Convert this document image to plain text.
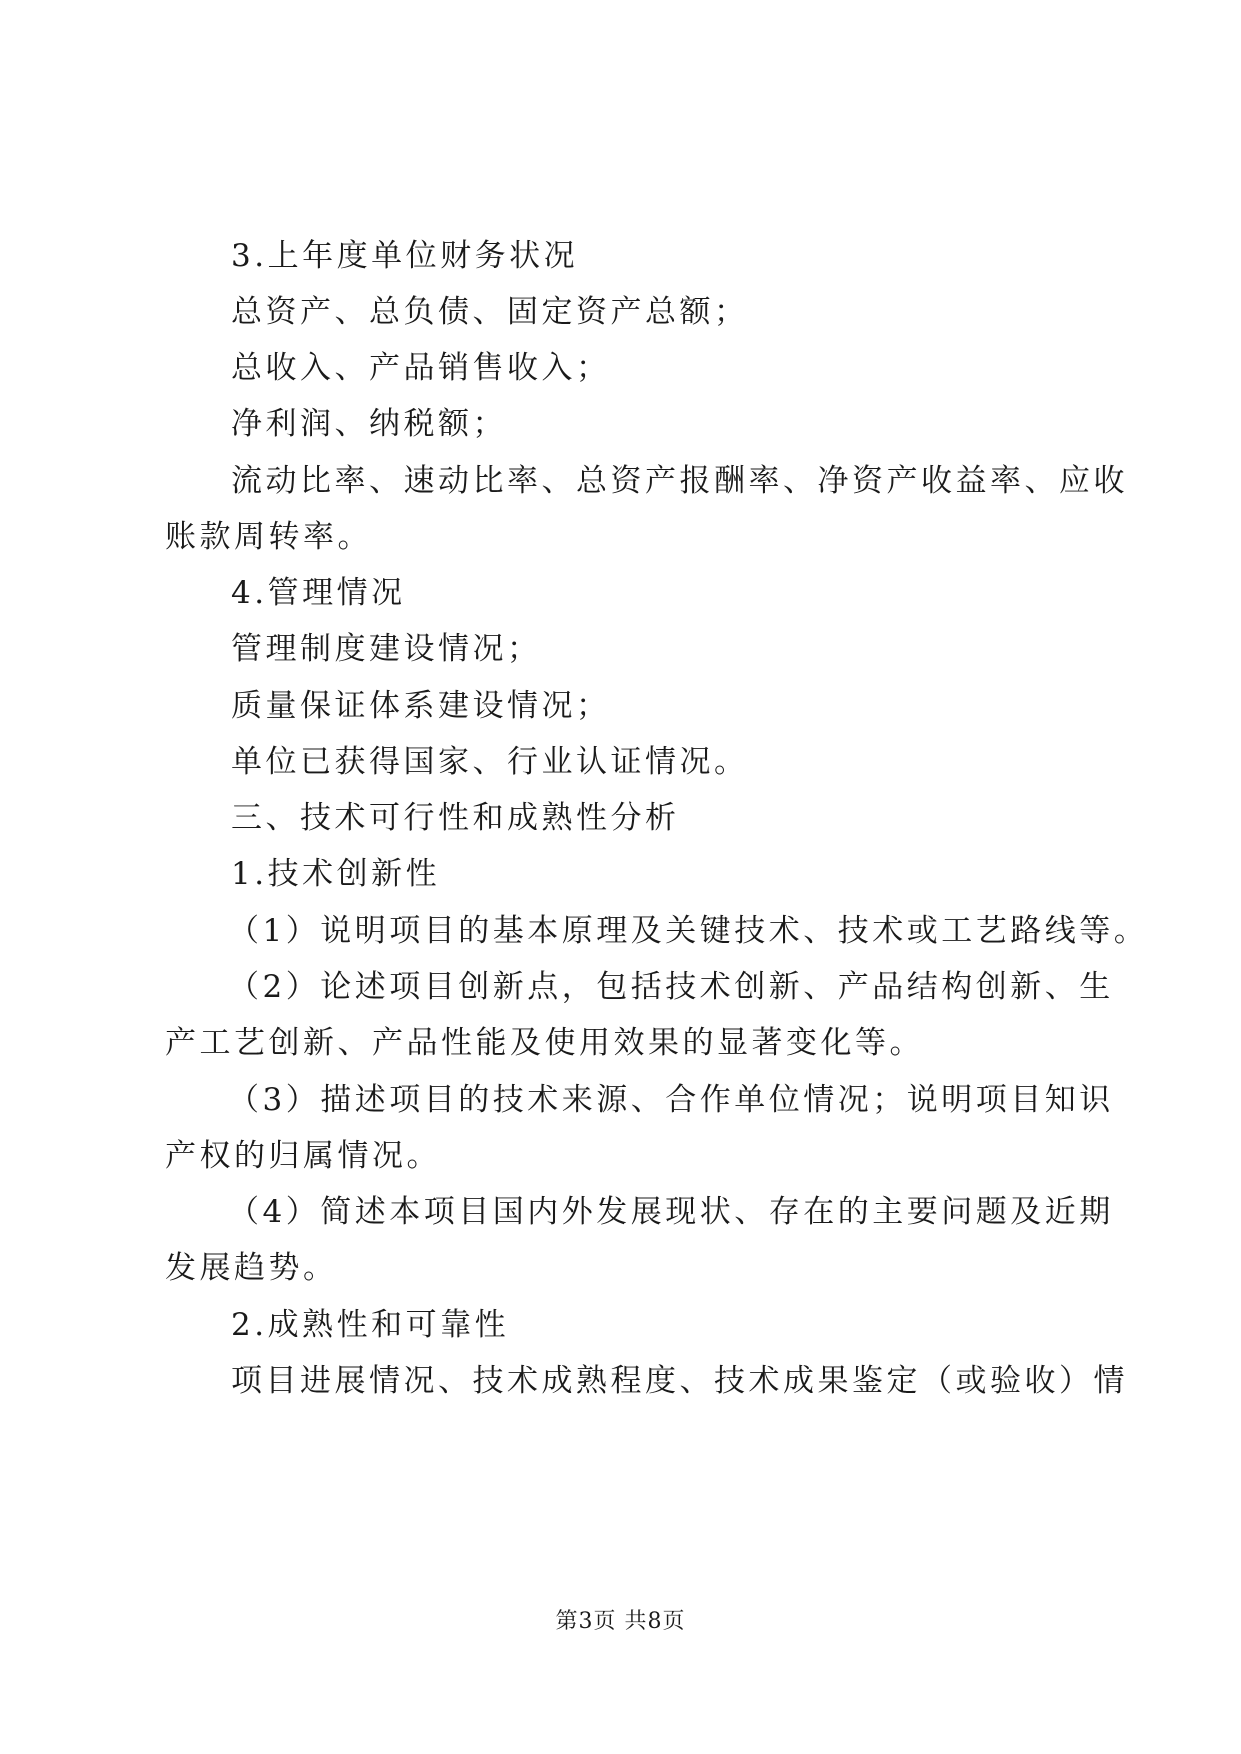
3.上年度单位财务状况
总资产、总负债、固定资产总额；
总收入、产品销售收入；
净利润、纳税额；
流动比率、速动比率、总资产报酬率、净资产收益率、应收
账款周转率。
4.管理情况
管理制度建设情况；
质量保证体系建设情况；
单位已获得国家、行业认证情况。
三、技术可行性和成熟性分析
1.技术创新性
（1）说明项目的基本原理及关键技术、技术或工艺路线等。
（2）论述项目创新点，包括技术创新、产品结构创新、生
产工艺创新、产品性能及使用效果的显著变化等。
（3）描述项目的技术来源、合作单位情况；说明项目知识
产权的归属情况。
（4）简述本项目国内外发展现状、存在的主要问题及近期
发展趋势。
2.成熟性和可靠性
项目进展情况、技术成熟程度、技术成果鉴定（或验收）情
第3页 共8页
